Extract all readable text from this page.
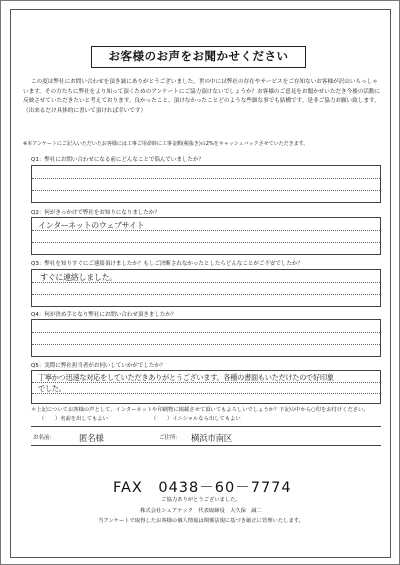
お客様のお声をお聞かせください

この度は弊社にお問い合わせを頂き誠にありがとうございました。世の中には弊社の存在やサービスをご存知ないお客様が沢山いらっしゃいます。その方たちに弊社をより知って頂くためのアンケートにご協力頂けないでしょうか？お客様のご意見をお聞かせいただき今後の活動に反映させていただきたいと考えております。良かったこと、頂けなかったことどのような些細な事でも結構です。是非ご協力お願い致します。（出来るだけ具体的に書いて頂ければ幸いです）

※本アンケートにご記入いただいたお客様には工事ご用命時に工事金額(税抜き)の2%をキャッシュバックさせていただきます。
Q1：弊社にお問い合わせになる前にどんなことで悩んでいましたか？
Q2：何がきっかけで弊社をお知りになりましたか？
インターネットのウェブサイト
Q3：弊社を知りすぐにご連絡頂けましたか？もしご決断されなかったとしたらどんなことがご不安でしたか？
すぐに連絡しました。
Q4：何が決め手となり弊社にお問い合わせ頂きましたか？
Q5：実際に弊社担当者がお伺いしていかがでしたか？
丁寧かつ迅速な対応をしていただきありがとうございます。各種の書面もいただけたので好印象でした。
＊上記についてお客様の声として、インターネットや印刷物に掲載させて頂いてもよろしいでしょうか？下記の中から○印をお付けください。
（　　）名前を出してもよい	（　　）イニシャルなら出してもよい
お名前：	匿名様	ご住所： 横浜市南区
FAX　0438－60－7774
ご協力ありがとうございました。
株式会社シュアテック　代表取締役　大久保　誠二
当アンケートで取得したお客様の個人情報は関係法規に基づき厳正に管理いたします。
